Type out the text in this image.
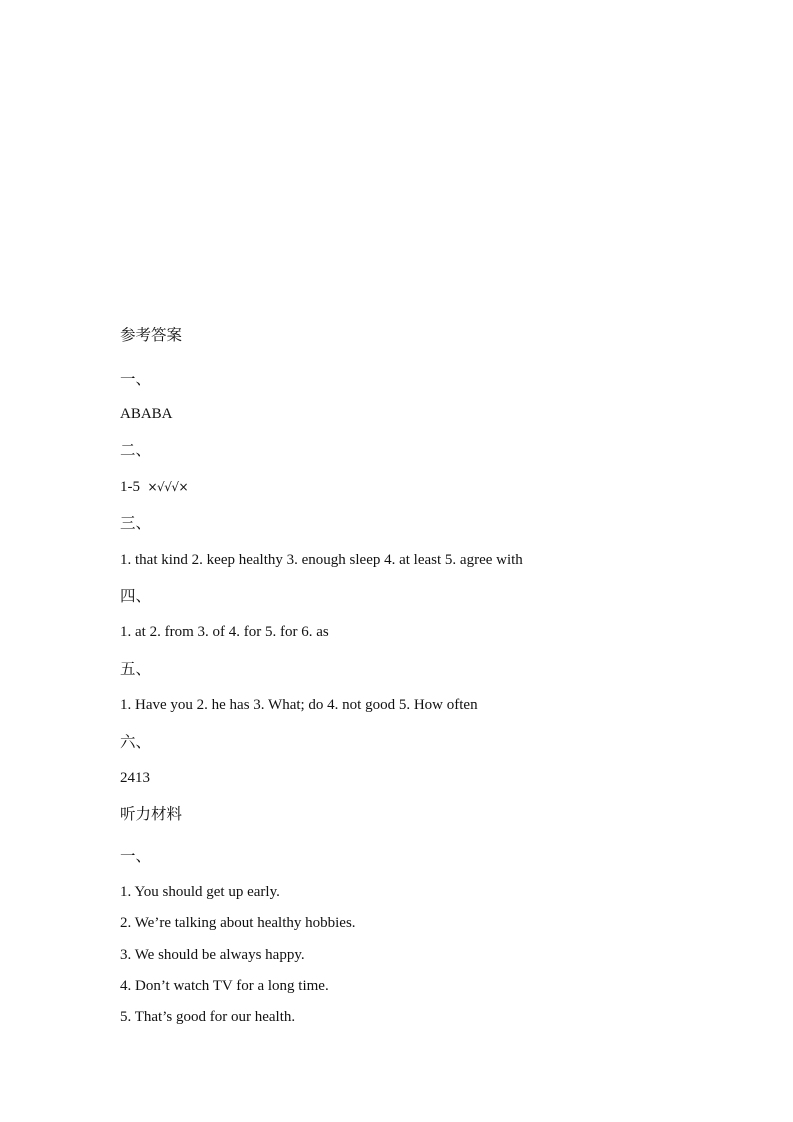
参考答案
一、
ABABA
二、
1-5 ×√√√×
三、
1. that kind 2. keep healthy 3. enough sleep 4. at least 5. agree with
四、
1. at 2. from 3. of 4. for 5. for 6. as
五、
1. Have you 2. he has 3. What; do 4. not good 5. How often
六、
2413
听力材料
一、
1. You should get up early.
2. We’re talking about healthy hobbies.
3. We should be always happy.
4. Don’t watch TV for a long time.
5. That’s good for our health.
